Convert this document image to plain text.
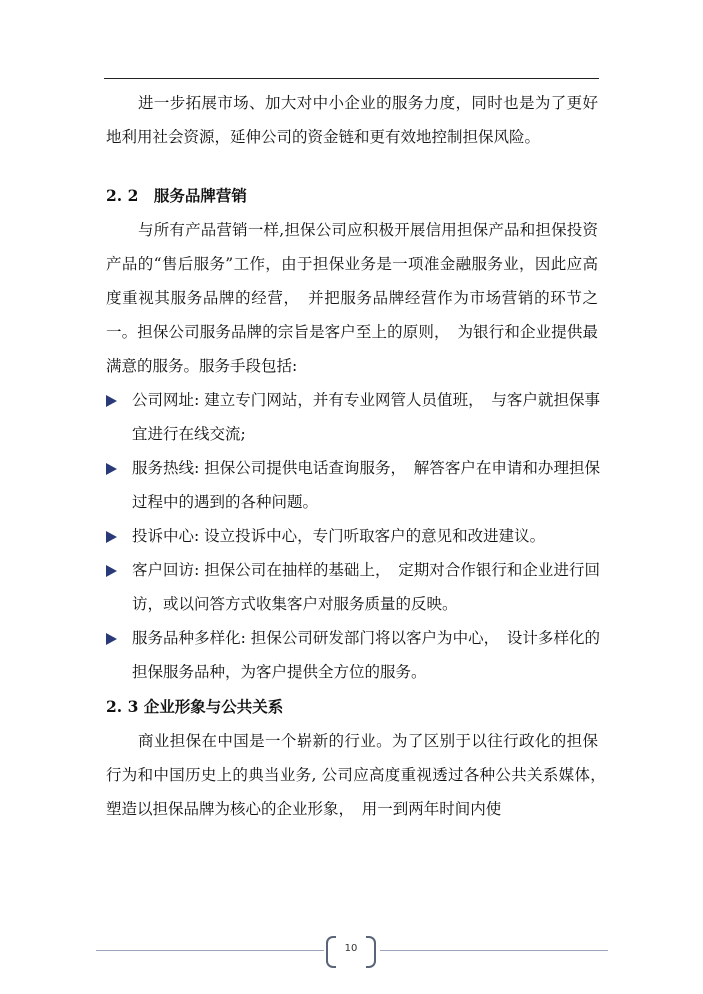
进一步拓展市场、加大对中小企业的服务力度，同时也是为了更好地利用社会资源，延伸公司的资金链和更有效地控制担保风险。

2. 2　服务品牌营销

与所有产品营销一样,担保公司应积极开展信用担保产品和担保投资产品的“售后服务”工作，由于担保业务是一项准金融服务业，因此应高度重视其服务品牌的经营，　并把服务品牌经营作为市场营销的环节之一。担保公司服务品牌的宗旨是客户至上的原则，　为银行和企业提供最满意的服务。服务手段包括:

公司网址: 建立专门网站，并有专业网管人员值班，　与客户就担保事宜进行在线交流;
服务热线: 担保公司提供电话查询服务，　解答客户在申请和办理担保过程中的遇到的各种问题。
投诉中心: 设立投诉中心，专门听取客户的意见和改进建议。
客户回访: 担保公司在抽样的基础上，　定期对合作银行和企业进行回访，或以问答方式收集客户对服务质量的反映。
服务品种多样化: 担保公司研发部门将以客户为中心，　设计多样化的担保服务品种，为客户提供全方位的服务。
2. 3 企业形象与公共关系

商业担保在中国是一个崭新的行业。为了区别于以往行政化的担保行为和中国历史上的典当业务, 公司应高度重视透过各种公共关系媒体，　塑造以担保品牌为核心的企业形象，　用一到两年时间内使

10
